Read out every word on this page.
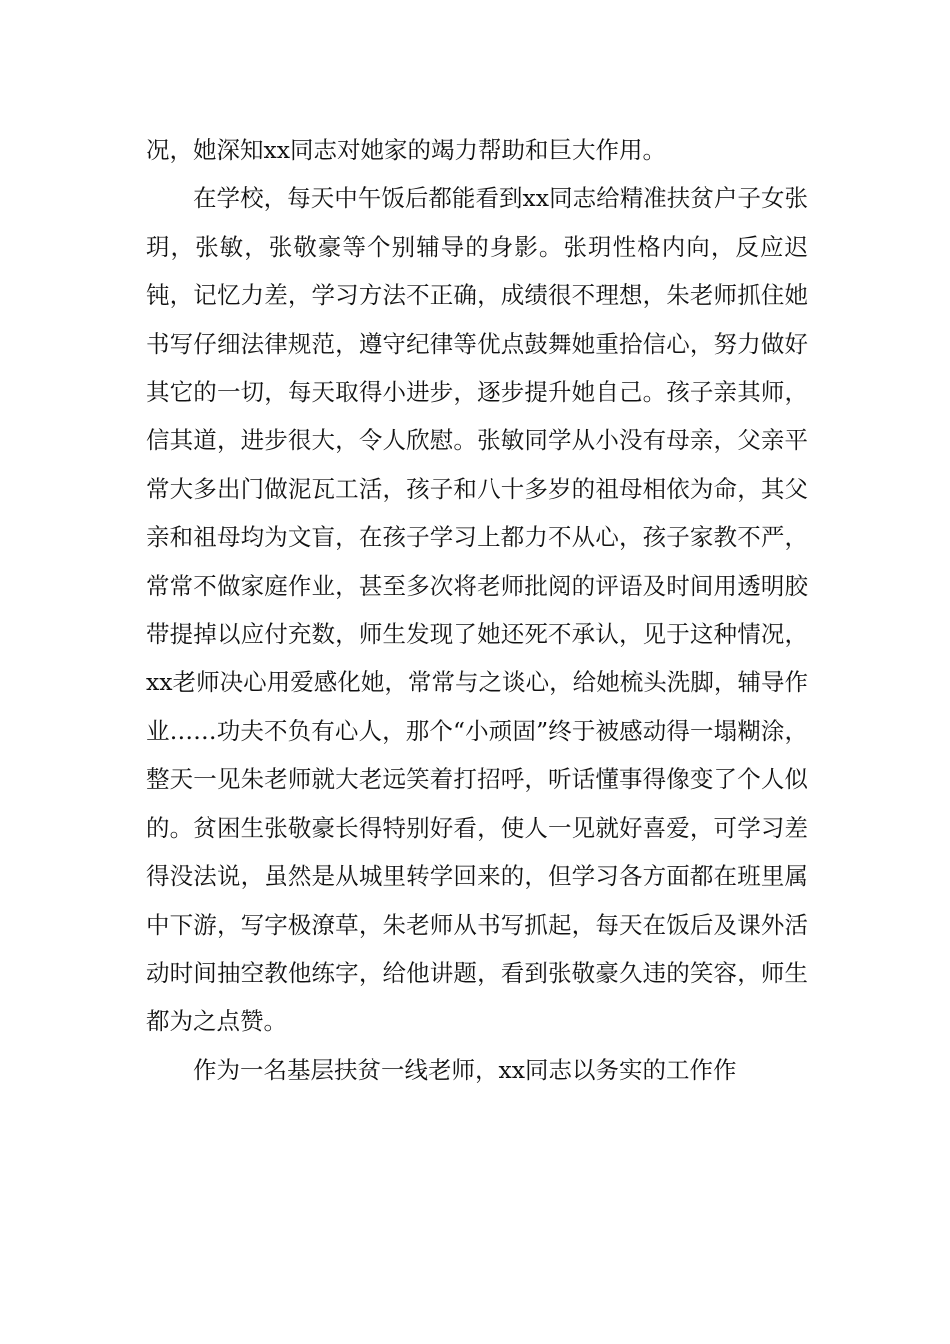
况，她深知xx同志对她家的竭力帮助和巨大作用。

在学校，每天中午饭后都能看到xx同志给精准扶贫户子女张玥，张敏，张敬豪等个别辅导的身影。张玥性格内向，反应迟钝，记忆力差，学习方法不正确，成绩很不理想，朱老师抓住她书写仔细法律规范，遵守纪律等优点鼓舞她重拾信心，努力做好其它的一切，每天取得小进步，逐步提升她自己。孩子亲其师，信其道，进步很大，令人欣慰。张敏同学从小没有母亲，父亲平常大多出门做泥瓦工活，孩子和八十多岁的祖母相依为命，其父亲和祖母均为文盲，在孩子学习上都力不从心，孩子家教不严，常常不做家庭作业，甚至多次将老师批阅的评语及时间用透明胶带提掉以应付充数，师生发现了她还死不承认，见于这种情况，xx老师决心用爱感化她，常常与之谈心，给她梳头洗脚，辅导作业……功夫不负有心人，那个“小顽固”终于被感动得一塌糊涂，整天一见朱老师就大老远笑着打招呼，听话懂事得像变了个人似的。贫困生张敬豪长得特别好看，使人一见就好喜爱，可学习差得没法说，虽然是从城里转学回来的，但学习各方面都在班里属中下游，写字极潦草，朱老师从书写抓起，每天在饭后及课外活动时间抽空教他练字，给他讲题，看到张敬豪久违的笑容，师生都为之点赞。

作为一名基层扶贫一线老师，xx同志以务实的工作作
